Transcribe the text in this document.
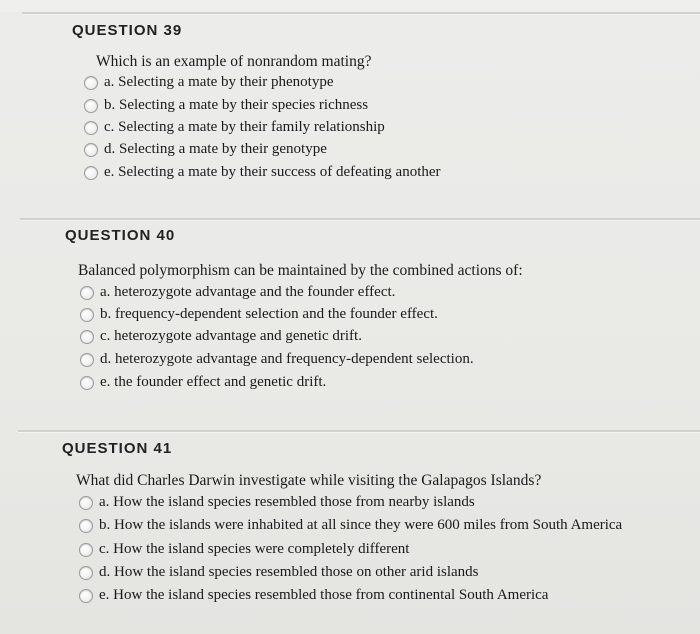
QUESTION 39

Which is an example of nonrandom mating?

a. Selecting a mate by their phenotype
b. Selecting a mate by their species richness
c. Selecting a mate by their family relationship
d. Selecting a mate by their genotype
e. Selecting a mate by their success of defeating another

QUESTION 40

Balanced polymorphism can be maintained by the combined actions of:

a. heterozygote advantage and the founder effect.
b. frequency-dependent selection and the founder effect.
c. heterozygote advantage and genetic drift.
d. heterozygote advantage and frequency-dependent selection.
e. the founder effect and genetic drift.

QUESTION 41

What did Charles Darwin investigate while visiting the Galapagos Islands?

a. How the island species resembled those from nearby islands
b. How the islands were inhabited at all since they were 600 miles from South America
c. How the island species were completely different
d. How the island species resembled those on other arid islands
e. How the island species resembled those from continental South America
